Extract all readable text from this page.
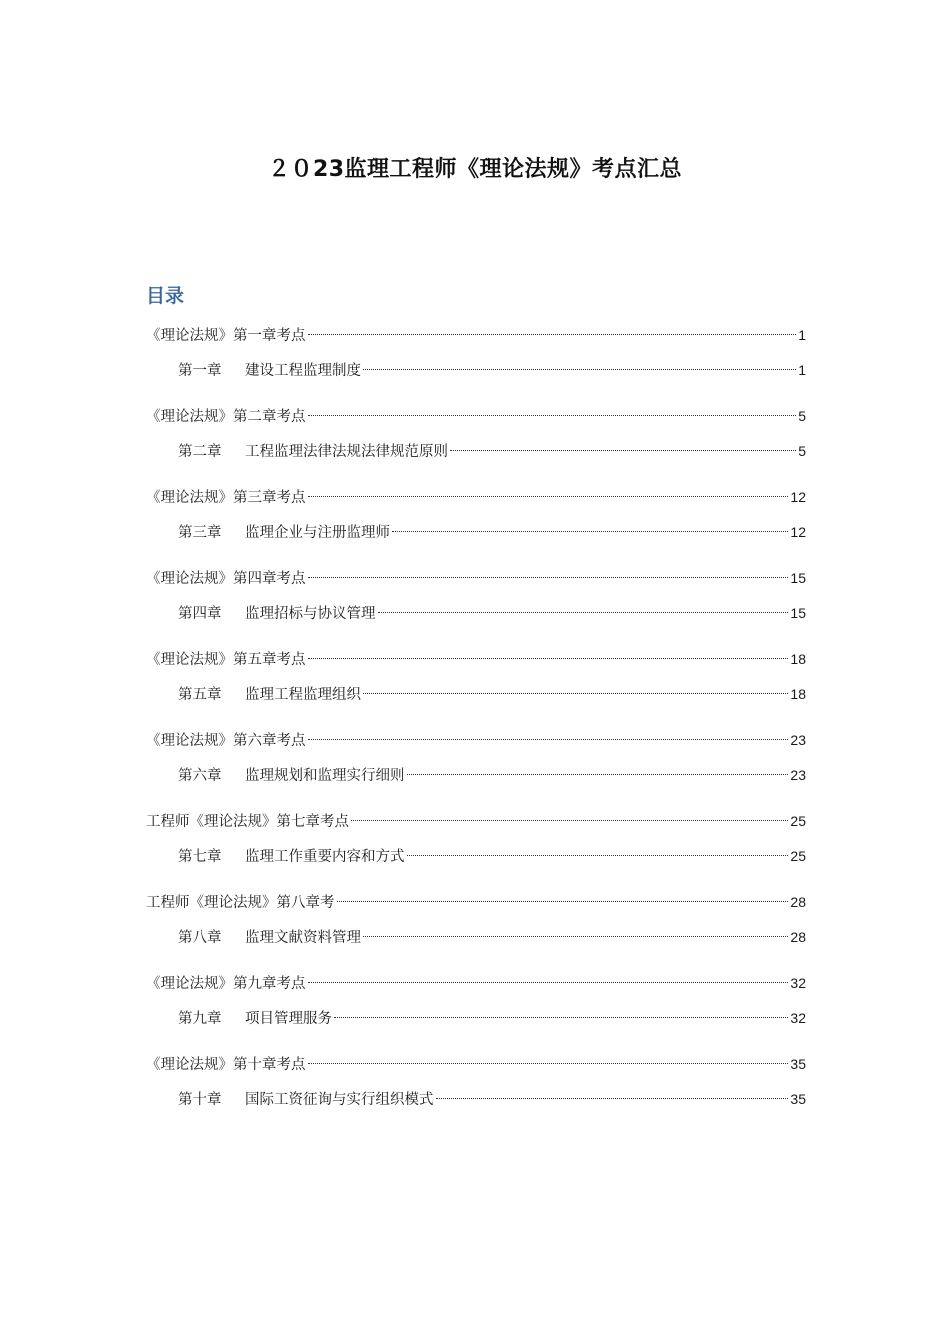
２０23监理工程师《理论法规》考点汇总
目录
《理论法规》第一章考点	1
第一章 建设工程监理制度	1
《理论法规》第二章考点	5
第二章 工程监理法律法规法律规范原则	5
《理论法规》第三章考点	12
第三章 监理企业与注册监理师	12
《理论法规》第四章考点	15
第四章 监理招标与协议管理	15
《理论法规》第五章考点	18
第五章 监理工程监理组织	18
《理论法规》第六章考点	23
第六章 监理规划和监理实行细则	23
工程师《理论法规》第七章考点	25
第七章 监理工作重要内容和方式	25
工程师《理论法规》第八章考	28
第八章 监理文献资料管理	28
《理论法规》第九章考点	32
第九章 项目管理服务	32
《理论法规》第十章考点	35
第十章 国际工资征询与实行组织模式	35
